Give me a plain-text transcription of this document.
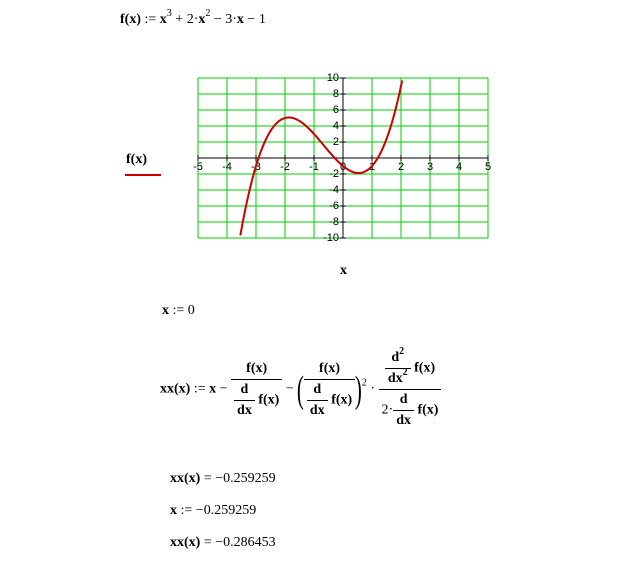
f(x) := $x^3 + 2\cdot x^2 - 3\cdot x - 1$
f(x)
-5 -4 -3 -2 -1 0 1 2 3 4 5
10
8
6
4
2
-2
-4
-6
-8
-10
x
x := 0
xx(x) := $x - \frac{f(x)}{\frac{d}{dx} f(x)}$ − ( $\frac{f(x)}{\frac{d}{dx} f(x)} )^2 \cdot \frac{\frac{d^2}{dx^2} f(x)}{2\cdot \frac{d}{dx} f(x)}$
xx(x) = −0.259259
x := −0.259259
xx(x) = −0.286453
